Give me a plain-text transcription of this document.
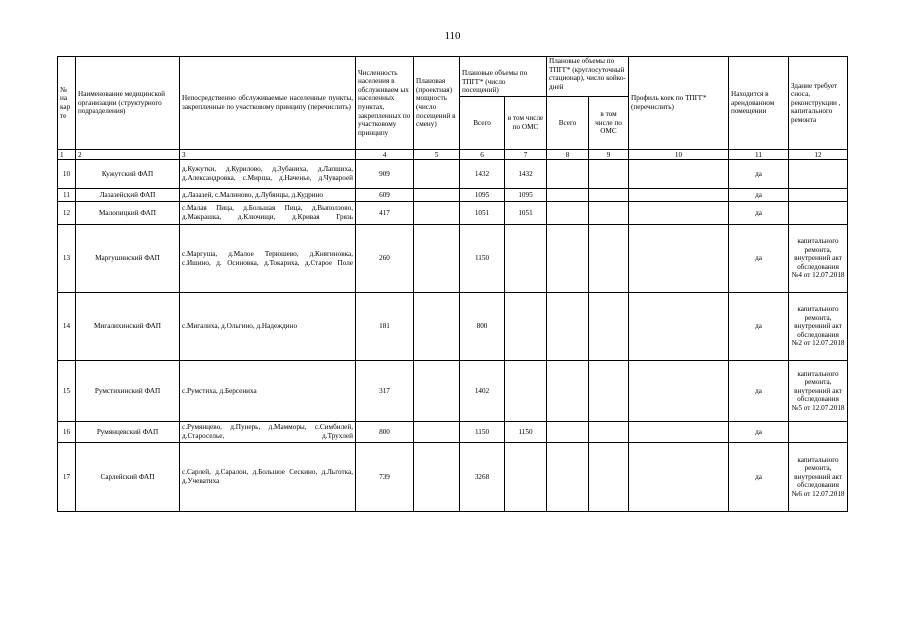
110
№ на кар те	Наименование медицинской организации (структурного подразделения)	Непосредственно обслуживаемые населенные пункты, закрепленные по участковому принципу (перечислить)	Численность населения в обслуживаем ых населенных пунктах, закрепленных по участковому принципу	Плановая (проектная) мощность (число посещений в смену)	Плановые объемы по ТПГГ* (число посещений)		Плановые объемы по ТПГГ* (круглосуточный стационар), число койко-дней		Профиль коек по ТПГГ* (перечислить)	Находится в арендованном помещении	Здание требует сноса, реконструкции , капитального ремонта
					Всего	в том числе по ОМС	Всего	в том числе по ОМС			
1	2	3	4	5	6	7	8	9	10	11	12
10	Кужутский ФАП	д.Кужутки, д.Курилово, д.Зубаниха, д.Лапшиха, д.Александровка, с.Мирша, д.Наченье, д.Чувароей	909		1432	1432				да	
11	Лазазейский ФАП	д.Лазазей, с.Малиново, д.Лубянцы, д.Кудрино	609		1095	1095				да	
12	Малопицкий ФАП	с.Малая Пица, д.Большая Пица, д.Выползово, д.Макрашка, д.Ключищи, д.Кривая Грязь	417		1051	1051				да	
13	Маргушинский ФАП	с.Маргуша, д.Малое Терюшево, д.Княгиновка, с.Ишино, д. Осиновка, д.Токариха, д.Старое Поле	260		1150					да	капитального ремонта, внутренний акт обследования №4 от 12.07.2018
14	Мигалихинский ФАП	с.Мигалиха, д.Ольгино, д.Надеждино	181		800					да	капитального ремонта, внутренний акт обследования №2 от 12.07.2018
15	Румстихинский ФАП	с.Румстиха, д.Берсениха	317		1402					да	капитального ремонта, внутренний акт обследования №5 от 12.07.2018
16	Румянцевский ФАП	с.Румянцево, д.Пунерь, д.Мамморы, с.Симбилей, д.Староселье, д.Трухлей	800		1150	1150				да	
17	Сарлейский ФАП	с.Сарлей, д.Саралон, д.Большое Сескино, д.Льготка, д.Учеватиха	739		3268					да	капитального ремонта, внутренний акт обследования №6 от 12.07.2018
